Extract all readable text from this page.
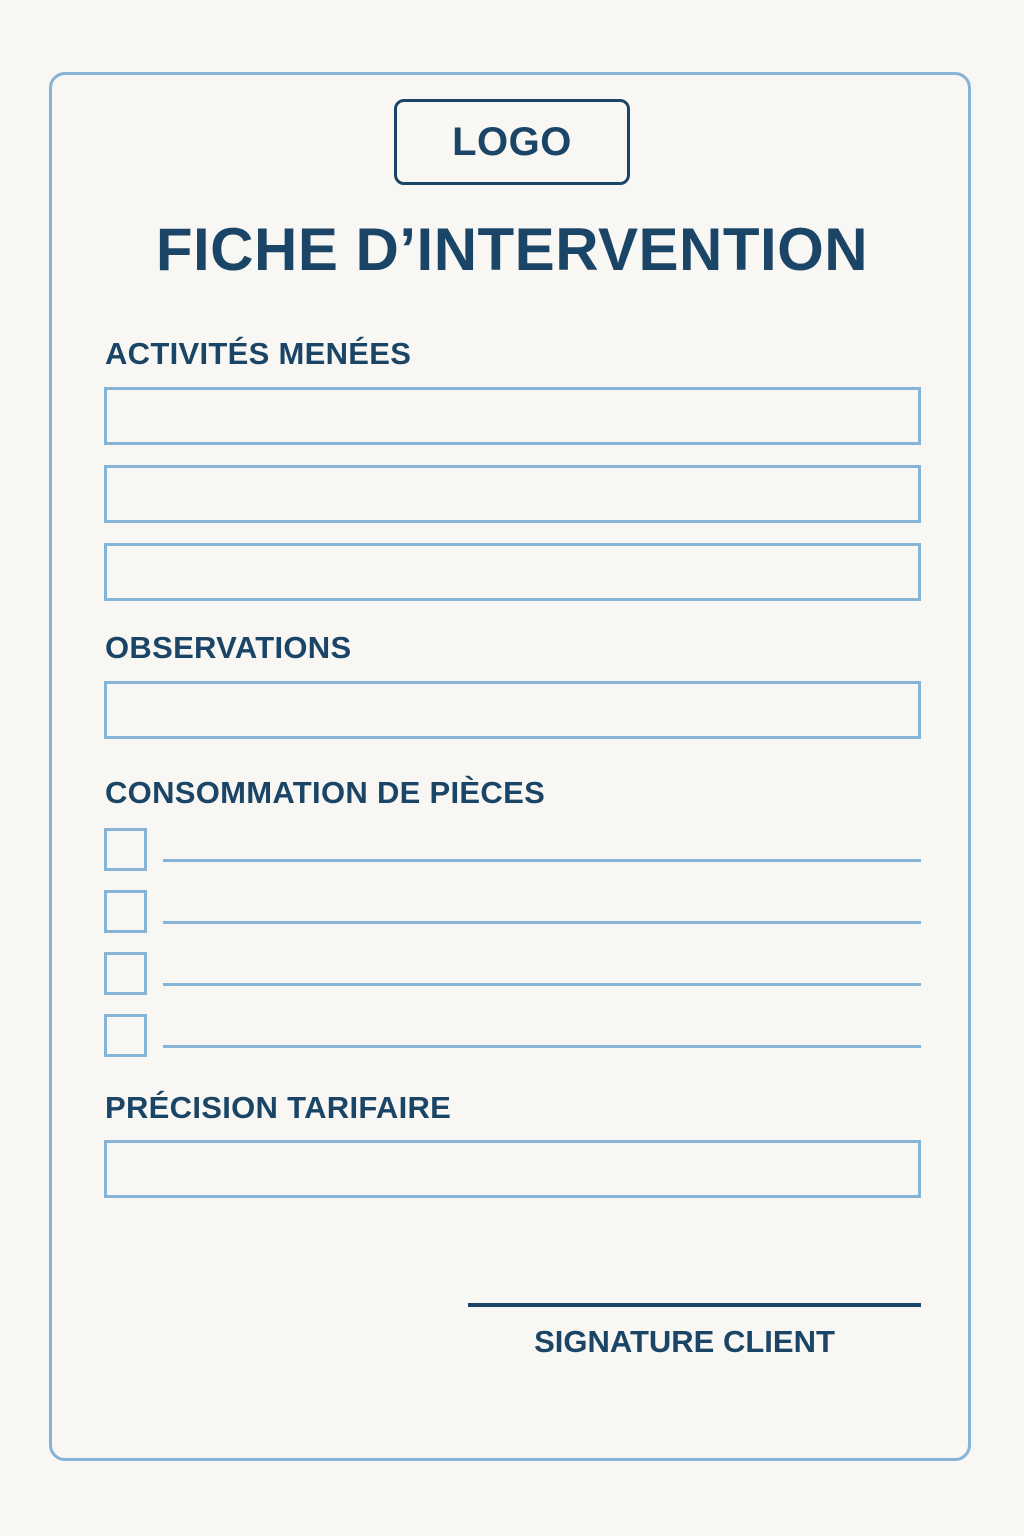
LOGO
FICHE D’INTERVENTION
ACTIVITÉS MENÉES
OBSERVATIONS
CONSOMMATION DE PIÈCES
PRÉCISION TARIFAIRE
SIGNATURE CLIENT
